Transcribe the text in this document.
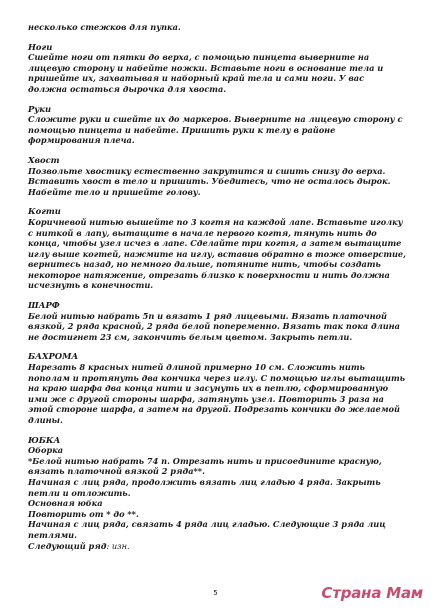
несколько стежков для пупка.

Ноги

Сшейте ноги от пятки до верха, с помощью пинцета выверните на лицевую сторону и набейте ножки. Вставьте ноги в основание тела и пришейте их, захватывая и наборный край тела и сами ноги. У вас должна остаться дырочка для хвоста.

Руки

Сложите руки и сшейте их до маркеров. Выверните на лицевую сторону с помощью пинцета и набейте. Пришить руки к телу в районе формирования плеча.

Хвост

Позвольте хвостику естественно закрутится и сшить снизу до верха. Вставить хвост в тело и пришить. Убедитесь, что не осталось дырок. Набейте тело и пришейте голову.

Когти

Коричневой нитью вышейте по 3 когтя на каждой лапе. Вставьте иголку с ниткой в лапу, вытащите в начале первого когтя, тянуть нить до конца, чтобы узел исчез в лапе. Сделайте три когтя, а затем вытащите иглу выше когтей, нажмите на иглу, вставив обратно в тоже отверстие, вернитесь назад, но немного дальше, потяните нить, чтобы создать некоторое натяжение, отрезать близко к поверхности и нить должна исчезнуть в конечности.

ШАРФ

Белой нитью набрать 5п и вязать 1 ряд лицевыми. Вязать платочной вязкой, 2 ряда красной, 2 ряда белой попеременно. Вязать так пока длина не достигнет 23 см, закончить белым цветом. Закрыть петли.

БАХРОМА

Нарезать 8 красных нитей длиной примерно 10 см. Сложить нить пополам и протянуть два кончика через иглу. С помощью иглы вытащить на краю шарфа два конца нити и засунуть их в петлю, сформированную ими же с другой стороны шарфа, затянуть узел. Повторить 3 раза на этой стороне шарфа, а затем на другой. Подрезать кончики до желаемой длины.

ЮБКА

Оборка

*Белой нитью набрать 74 п. Отрезать нить и присоедините красную, вязать платочной вязкой 2 ряда**.

Начиная с лиц ряда, продолжить вязать лиц гладью 4 ряда. Закрыть петли и отложить.

Основная юбка

Повторить от * до **.

Начиная с лиц ряда, связать 4 ряда лиц гладью. Следующие 3 ряда лиц петлями.

Следующий ряд: изн.

5	Страна Мам
